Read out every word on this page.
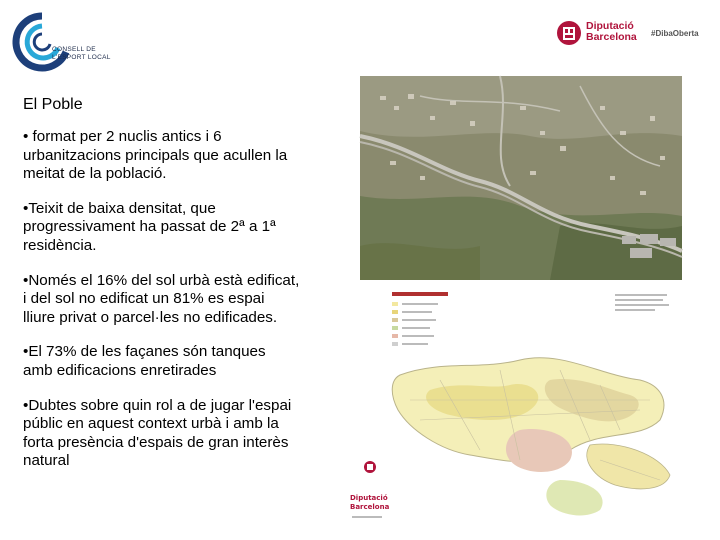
CONSELL DE
L'ESPORT LOCAL
Diputació
Barcelona #DibaOberta
El Poble
• format per 2 nuclis antics i 6
urbanitzacions principals que acullen la
meitat de la població.
•Teixit de baixa densitat, que
progressivament ha passat de 2ª a 1ª
residència.
•Només el 16% del sol urbà està edificat,
i del sol no edificat un 81% es espai
lliure privat o parcel·les no edificades.
•El 73% de les façanes són tanques
amb edificacions enretirades
•Dubtes sobre quin rol a de jugar l'espai
públic en aquest context urbà i amb la
forta presència d'espais de gran interès
natural
Diputació
Barcelona
